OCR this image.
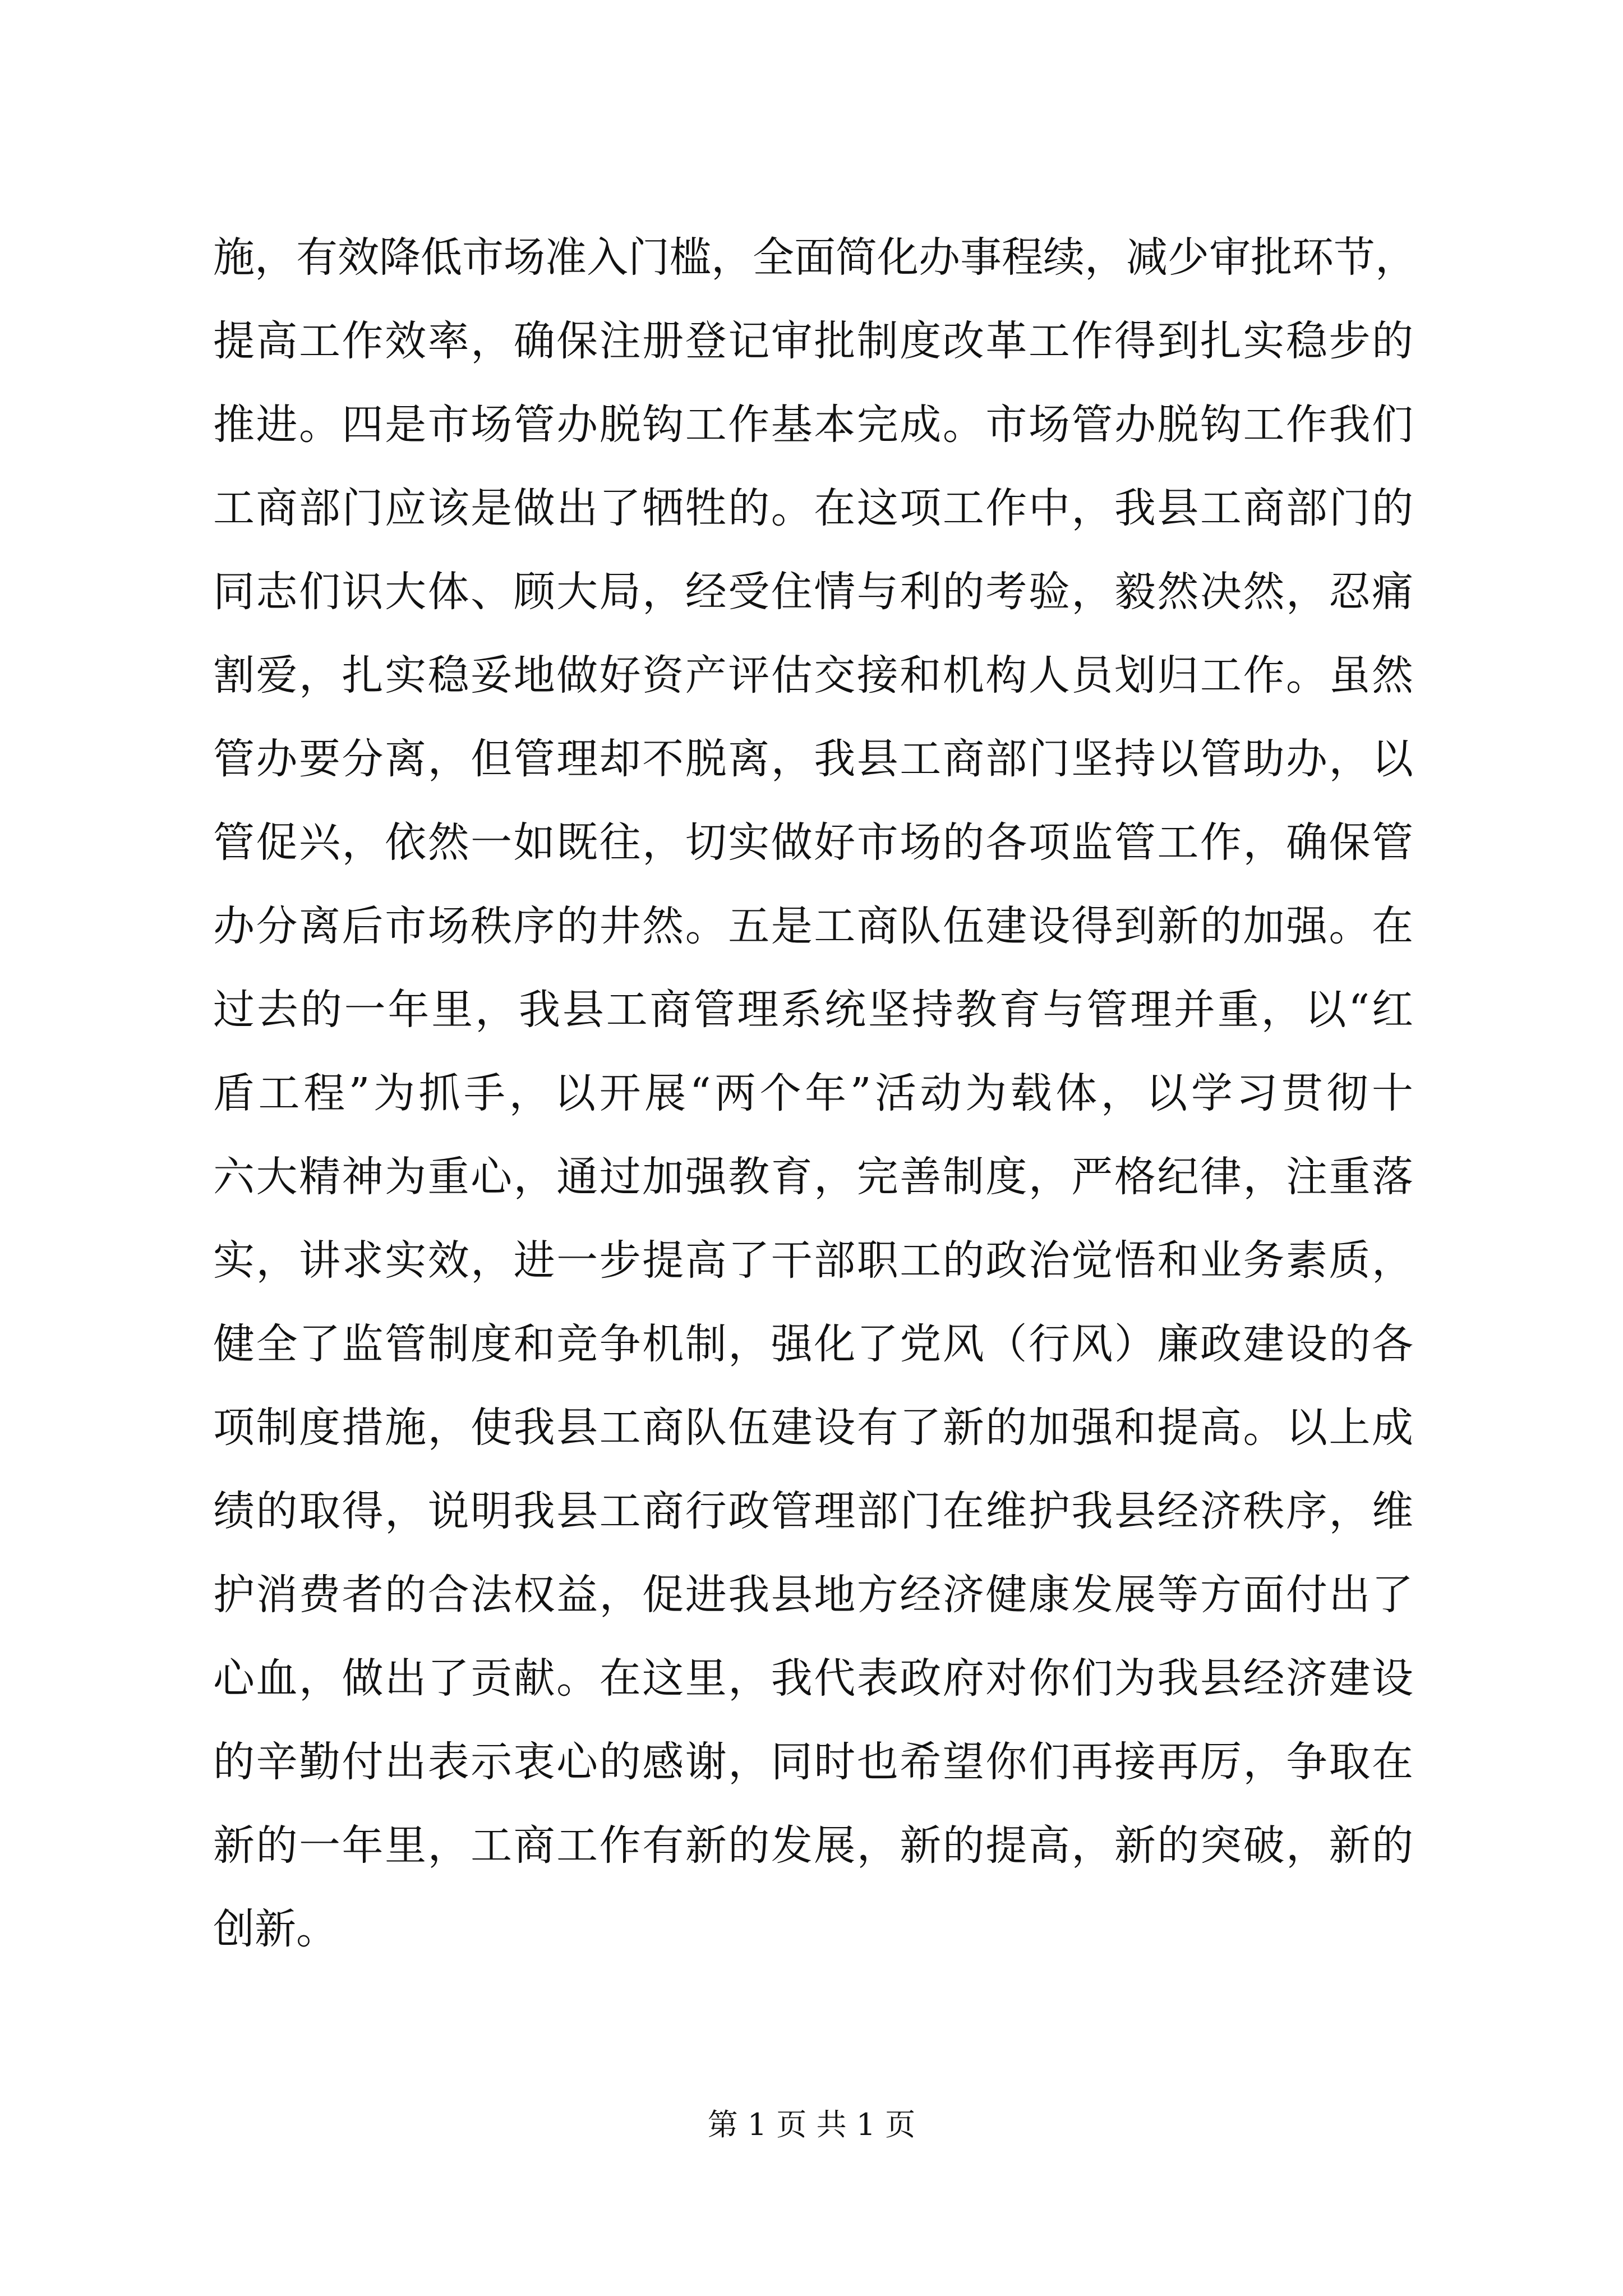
施，有效降低市场准入门槛，全面简化办事程续，减少审批环节，
提高工作效率，确保注册登记审批制度改革工作得到扎实稳步的
推进。四是市场管办脱钩工作基本完成。市场管办脱钩工作我们
工商部门应该是做出了牺牲的。在这项工作中，我县工商部门的
同志们识大体、顾大局，经受住情与利的考验，毅然决然，忍痛
割爱，扎实稳妥地做好资产评估交接和机构人员划归工作。虽然
管办要分离，但管理却不脱离，我县工商部门坚持以管助办，以
管促兴，依然一如既往，切实做好市场的各项监管工作，确保管
办分离后市场秩序的井然。五是工商队伍建设得到新的加强。在
过去的一年里，我县工商管理系统坚持教育与管理并重，以“红
盾工程”为抓手，以开展“两个年”活动为载体，以学习贯彻十
六大精神为重心，通过加强教育，完善制度，严格纪律，注重落
实，讲求实效，进一步提高了干部职工的政治觉悟和业务素质，
健全了监管制度和竞争机制，强化了党风（行风）廉政建设的各
项制度措施，使我县工商队伍建设有了新的加强和提高。以上成
绩的取得，说明我县工商行政管理部门在维护我县经济秩序，维
护消费者的合法权益，促进我县地方经济健康发展等方面付出了
心血，做出了贡献。在这里，我代表政府对你们为我县经济建设
的辛勤付出表示衷心的感谢，同时也希望你们再接再厉，争取在
新的一年里，工商工作有新的发展，新的提高，新的突破，新的
创新。
第 1 页 共 1 页
